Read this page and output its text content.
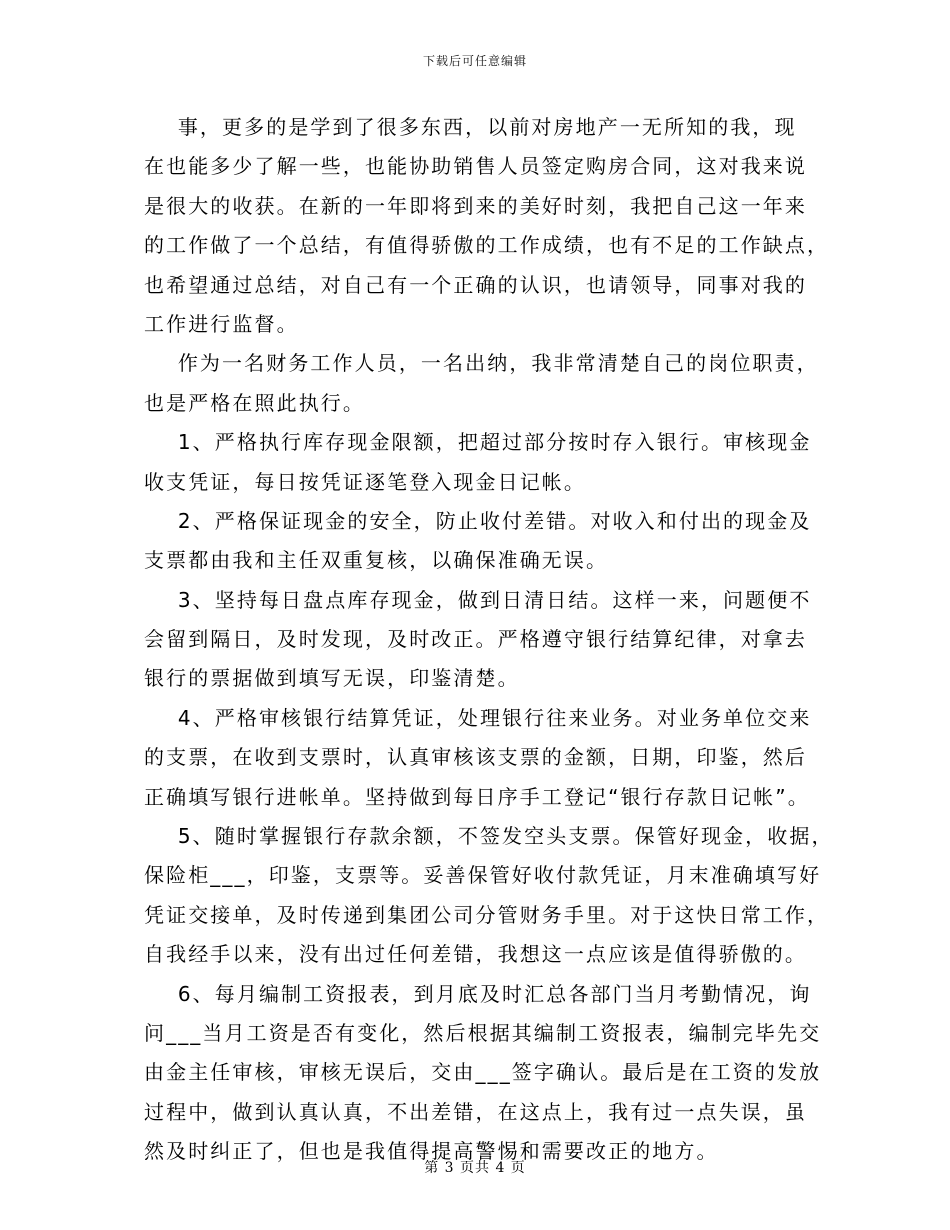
下载后可任意编辑
事，更多的是学到了很多东西，以前对房地产一无所知的我，现
在也能多少了解一些，也能协助销售人员签定购房合同，这对我来说
是很大的收获。在新的一年即将到来的美好时刻，我把自己这一年来
的工作做了一个总结，有值得骄傲的工作成绩，也有不足的工作缺点，
也希望通过总结，对自己有一个正确的认识，也请领导，同事对我的
工作进行监督。
作为一名财务工作人员，一名出纳，我非常清楚自己的岗位职责，
也是严格在照此执行。
1、严格执行库存现金限额，把超过部分按时存入银行。审核现金
收支凭证，每日按凭证逐笔登入现金日记帐。
2、严格保证现金的安全，防止收付差错。对收入和付出的现金及
支票都由我和主任双重复核，以确保准确无误。
3、坚持每日盘点库存现金，做到日清日结。这样一来，问题便不
会留到隔日，及时发现，及时改正。严格遵守银行结算纪律，对拿去
银行的票据做到填写无误，印鉴清楚。
4、严格审核银行结算凭证，处理银行往来业务。对业务单位交来
的支票，在收到支票时，认真审核该支票的金额，日期，印鉴，然后
正确填写银行进帐单。坚持做到每日序手工登记“银行存款日记帐”。
5、随时掌握银行存款余额，不签发空头支票。保管好现金，收据，
保险柜___，印鉴，支票等。妥善保管好收付款凭证，月末准确填写好
凭证交接单，及时传递到集团公司分管财务手里。对于这快日常工作，
自我经手以来，没有出过任何差错，我想这一点应该是值得骄傲的。
6、每月编制工资报表，到月底及时汇总各部门当月考勤情况，询
问___当月工资是否有变化，然后根据其编制工资报表，编制完毕先交
由金主任审核，审核无误后，交由___签字确认。最后是在工资的发放
过程中，做到认真认真，不出差错，在这点上，我有过一点失误，虽
然及时纠正了，但也是我值得提高警惕和需要改正的地方。
第 3 页共 4 页
